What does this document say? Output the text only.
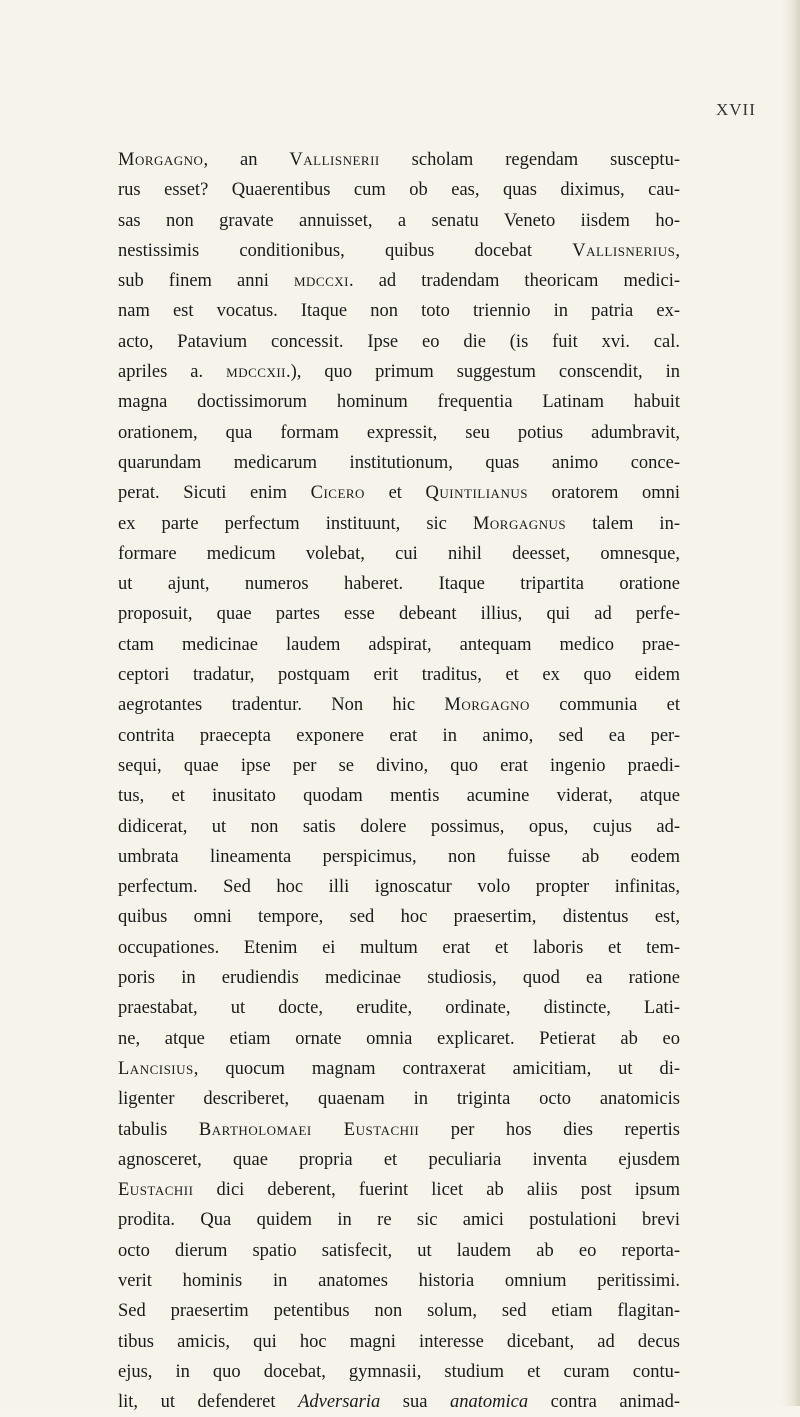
XVII
Morgagno, an Vallisnerii scholam regendam susceptu-
rus esset? Quaerentibus cum ob eas, quas diximus, cau-
sas non gravate annuisset, a senatu Veneto iisdem ho-
nestissimis conditionibus, quibus docebat Vallisnerius,
sub finem anni mdccxi. ad tradendam theoricam medici-
nam est vocatus. Itaque non toto triennio in patria ex-
acto, Patavium concessit. Ipse eo die (is fuit xvi. cal.
apriles a. mdccxii.), quo primum suggestum conscendit, in
magna doctissimorum hominum frequentia Latinam habuit
orationem, qua formam expressit, seu potius adumbravit,
quarundam medicarum institutionum, quas animo conce-
perat. Sicuti enim Cicero et Quintilianus oratorem omni
ex parte perfectum instituunt, sic Morgagnus talem in-
formare medicum volebat, cui nihil deesset, omnesque,
ut ajunt, numeros haberet. Itaque tripartita oratione
proposuit, quae partes esse debeant illius, qui ad perfe-
ctam medicinae laudem adspirat, antequam medico prae-
ceptori tradatur, postquam erit traditus, et ex quo eidem
aegrotantes tradentur. Non hic Morgagno communia et
contrita praecepta exponere erat in animo, sed ea per-
sequi, quae ipse per se divino, quo erat ingenio praedi-
tus, et inusitato quodam mentis acumine viderat, atque
didicerat, ut non satis dolere possimus, opus, cujus ad-
umbrata lineamenta perspicimus, non fuisse ab eodem
perfectum. Sed hoc illi ignoscatur volo propter infinitas,
quibus omni tempore, sed hoc praesertim, distentus est,
occupationes. Etenim ei multum erat et laboris et tem-
poris in erudiendis medicinae studiosis, quod ea ratione
praestabat, ut docte, erudite, ordinate, distincte, Lati-
ne, atque etiam ornate omnia explicaret. Petierat ab eo
Lancisius, quocum magnam contraxerat amicitiam, ut di-
ligenter describeret, quaenam in triginta octo anatomicis
tabulis Bartholomaei Eustachii per hos dies repertis
agnosceret, quae propria et peculiaria inventa ejusdem
Eustachii dici deberent, fuerint licet ab aliis post ipsum
prodita. Qua quidem in re sic amici postulationi brevi
octo dierum spatio satisfecit, ut laudem ab eo reporta-
verit hominis in anatomes historia omnium peritissimi.
Sed praesertim petentibus non solum, sed etiam flagitan-
tibus amicis, qui hoc magni interesse dicebant, ad decus
ejus, in quo docebat, gymnasii, studium et curam contu-
lit, ut defenderet Adversaria sua anatomica contra animad-
